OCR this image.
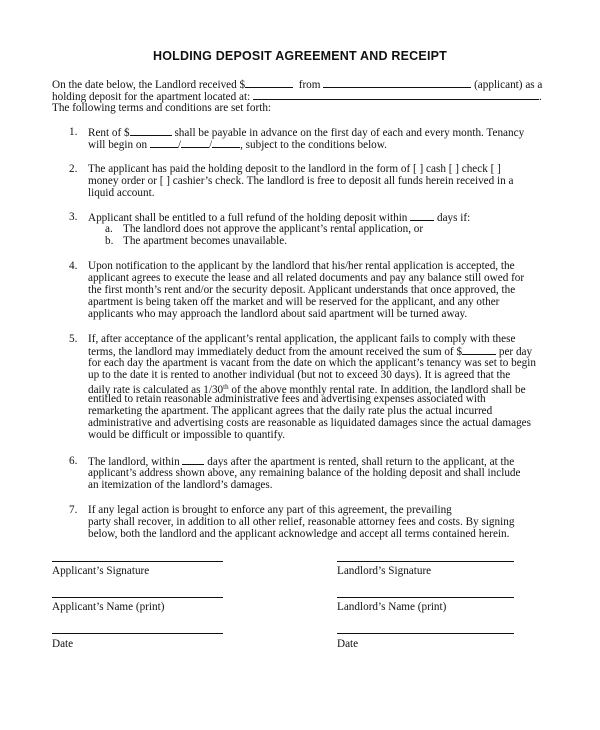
HOLDING DEPOSIT AGREEMENT AND RECEIPT
On the date below, the Landlord received $	from	(applicant) as a
holding deposit for the apartment located at:	.
The following terms and conditions are set forth:
1. Rent of $	shall be payable in advance on the first day of each and every month. Tenancy
will begin on	/	/	, subject to the conditions below.
2. The applicant has paid the holding deposit to the landlord in the form of [ ] cash [ ] check [ ]
money order or [ ] cashier’s check. The landlord is free to deposit all funds herein received in a
liquid account.
3. Applicant shall be entitled to a full refund of the holding deposit within	days if:
a. The landlord does not approve the applicant’s rental application, or
b. The apartment becomes unavailable.
4. Upon notification to the applicant by the landlord that his/her rental application is accepted, the
applicant agrees to execute the lease and all related documents and pay any balance still owed for
the first month’s rent and/or the security deposit. Applicant understands that once approved, the
apartment is being taken off the market and will be reserved for the applicant, and any other
applicants who may approach the landlord about said apartment will be turned away.
5. If, after acceptance of the applicant’s rental application, the applicant fails to comply with these
terms, the landlord may immediately deduct from the amount received the sum of $	per day
for each day the apartment is vacant from the date on which the applicant’s tenancy was set to begin
up to the date it is rented to another individual (but not to exceed 30 days). It is agreed that the
daily rate is calculated as 1/30th of the above monthly rental rate. In addition, the landlord shall be
entitled to retain reasonable administrative fees and advertising expenses associated with
remarketing the apartment. The applicant agrees that the daily rate plus the actual incurred
administrative and advertising costs are reasonable as liquidated damages since the actual damages
would be difficult or impossible to quantify.
6. The landlord, within days after the apartment is rented, shall return to the applicant, at the
applicant’s address shown above, any remaining balance of the holding deposit and shall include
an itemization of the landlord’s damages.
7. If any legal action is brought to enforce any part of this agreement, the prevailing
party shall recover, in addition to all other relief, reasonable attorney fees and costs. By signing
below, both the landlord and the applicant acknowledge and accept all terms contained herein.
Applicant’s Signature	Landlord’s Signature
Applicant’s Name (print)	Landlord’s Name (print)
Date	Date
